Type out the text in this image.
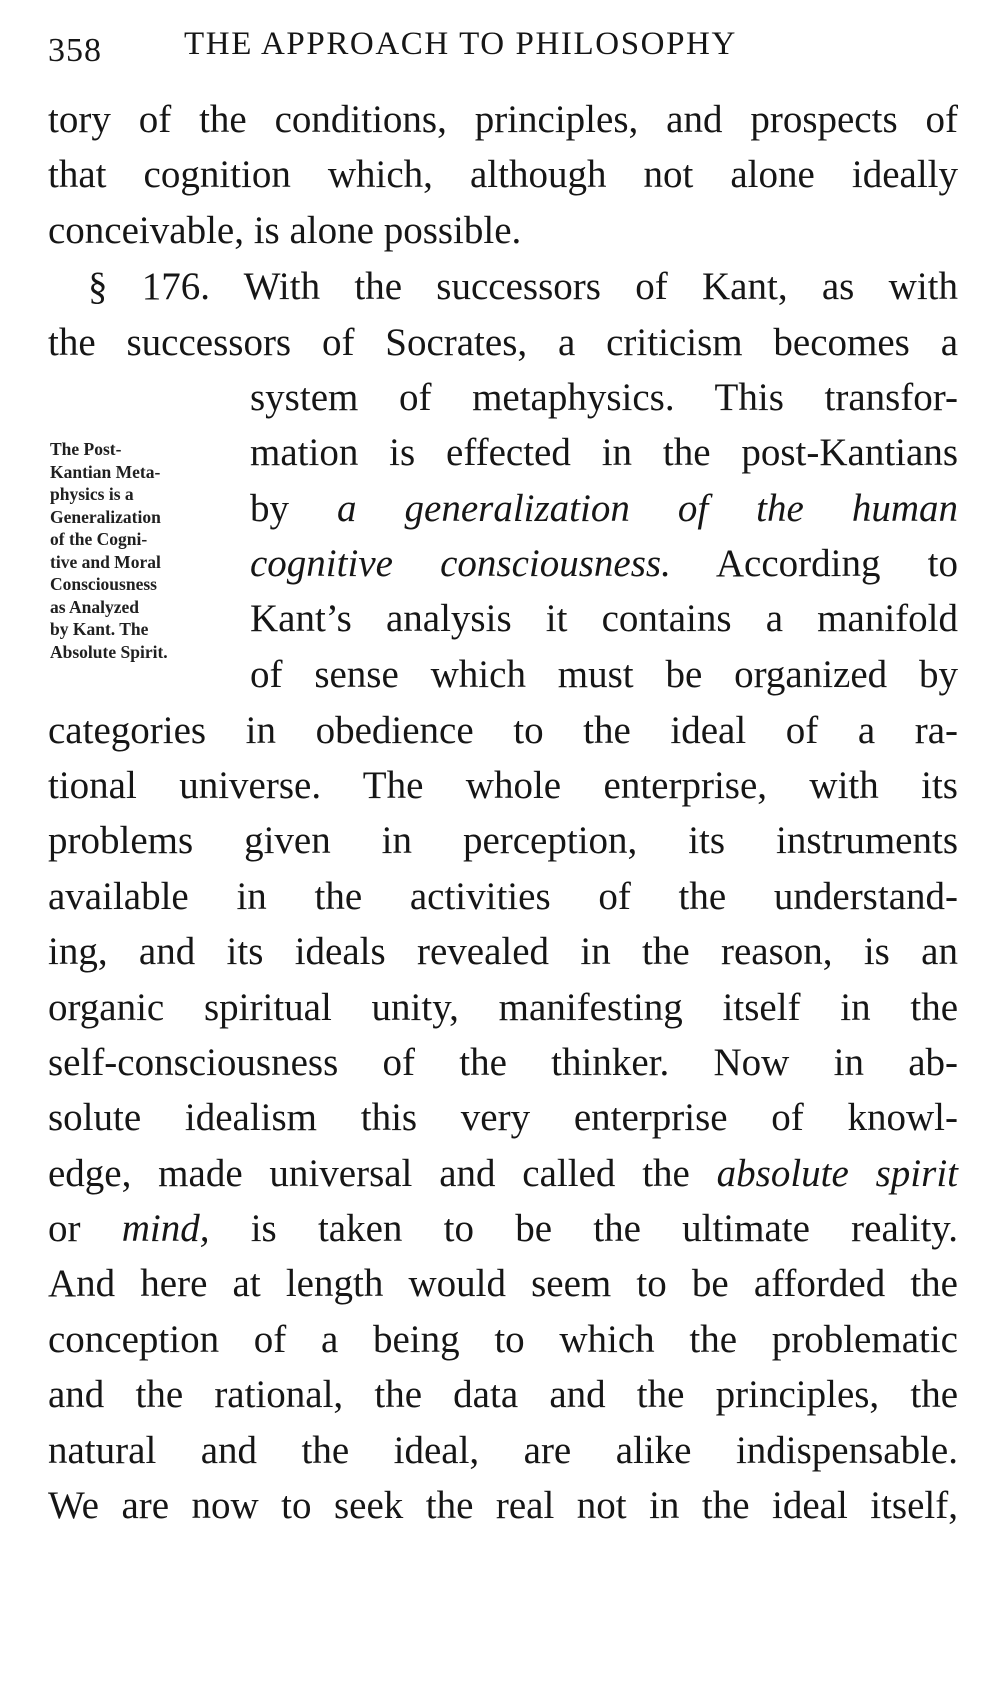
358 THE APPROACH TO PHILOSOPHY
tory of the conditions, principles, and prospects of
that cognition which, although not alone ideally
conceivable, is alone possible.
§ 176. With the successors of Kant, as with
the successors of Socrates, a criticism becomes a
The Post-
Kantian Meta-
physics is a
Generalization
of the Cogni-
tive and Moral
Consciousness
as Analyzed
by Kant. The
Absolute Spirit.
system of metaphysics. This transfor-
mation is effected in the post-Kantians
by a generalization of the human
cognitive consciousness. According to
Kant’s analysis it contains a manifold
of sense which must be organized by
categories in obedience to the ideal of a ra-
tional universe. The whole enterprise, with its
problems given in perception, its instruments
available in the activities of the understand-
ing, and its ideals revealed in the reason, is an
organic spiritual unity, manifesting itself in the
self-consciousness of the thinker. Now in ab-
solute idealism this very enterprise of knowl-
edge, made universal and called the absolute spirit
or mind, is taken to be the ultimate reality.
And here at length would seem to be afforded the
conception of a being to which the problematic
and the rational, the data and the principles, the
natural and the ideal, are alike indispensable.
We are now to seek the real not in the ideal itself,
